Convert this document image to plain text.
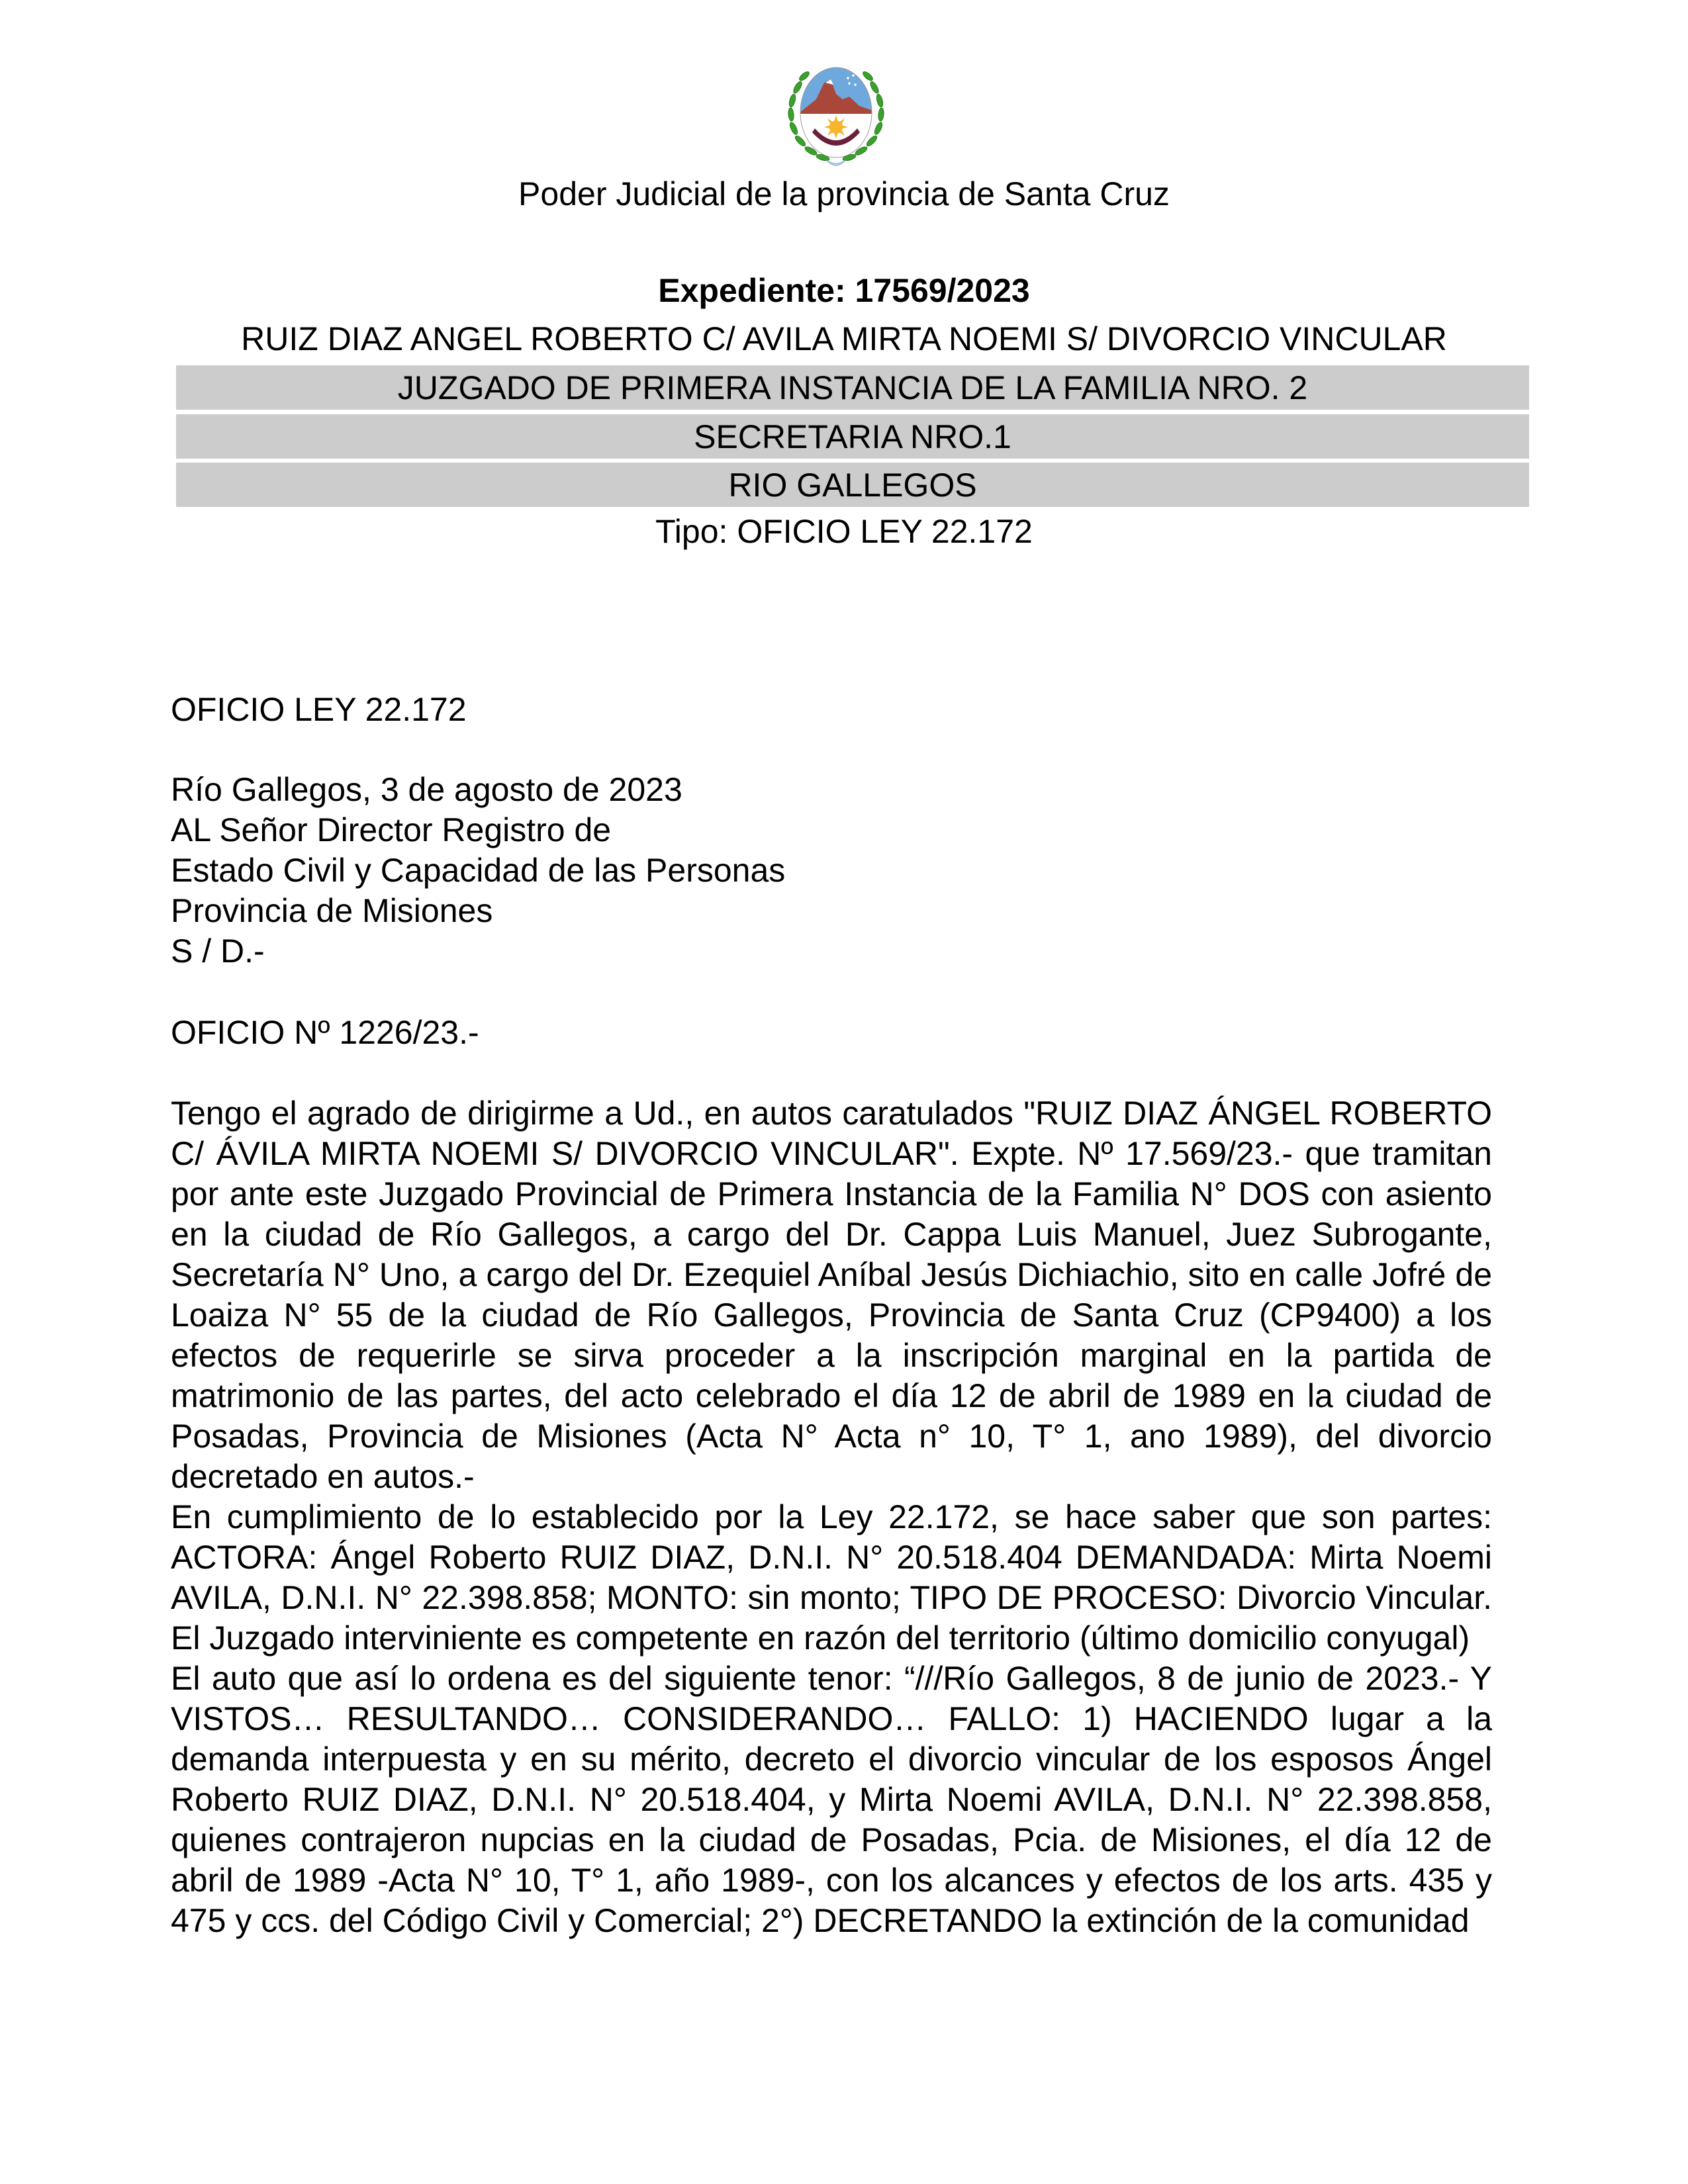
Poder Judicial de la provincia de Santa Cruz
Expediente: 17569/2023
RUIZ DIAZ ANGEL ROBERTO C/ AVILA MIRTA NOEMI S/ DIVORCIO VINCULAR
JUZGADO DE PRIMERA INSTANCIA DE LA FAMILIA NRO. 2
SECRETARIA NRO.1
RIO GALLEGOS
Tipo: OFICIO LEY 22.172
OFICIO LEY 22.172
Río Gallegos, 3 de agosto de 2023
AL Señor Director Registro de
Estado Civil y Capacidad de las Personas
Provincia de Misiones
S / D.-
OFICIO Nº 1226/23.-

Tengo el agrado de dirigirme a Ud., en autos caratulados "RUIZ DIAZ ÁNGEL ROBERTO C/ ÁVILA MIRTA NOEMI S/ DIVORCIO VINCULAR". Expte. Nº 17.569/23.- que tramitan por ante este Juzgado Provincial de Primera Instancia de la Familia N° DOS con asiento en la ciudad de Río Gallegos, a cargo del Dr. Cappa Luis Manuel, Juez Subrogante, Secretaría N° Uno, a cargo del Dr. Ezequiel Aníbal Jesús Dichiachio, sito en calle Jofré de Loaiza N° 55 de la ciudad de Río Gallegos, Provincia de Santa Cruz (CP9400) a los efectos de requerirle se sirva proceder a la inscripción marginal en la partida de matrimonio de las partes, del acto celebrado el día 12 de abril de 1989 en la ciudad de Posadas, Provincia de Misiones (Acta N° Acta n° 10, T° 1, ano 1989), del divorcio decretado en autos.-

En cumplimiento de lo establecido por la Ley 22.172, se hace saber que son partes: ACTORA: Ángel Roberto RUIZ DIAZ, D.N.I. N° 20.518.404 DEMANDADA: Mirta Noemi AVILA, D.N.I. N° 22.398.858; MONTO: sin monto; TIPO DE PROCESO: Divorcio Vincular. El Juzgado interviniente es competente en razón del territorio (último domicilio conyugal)

El auto que así lo ordena es del siguiente tenor: “///Río Gallegos, 8 de junio de 2023.- Y VISTOS… RESULTANDO… CONSIDERANDO… FALLO: 1) HACIENDO lugar a la demanda interpuesta y en su mérito, decreto el divorcio vincular de los esposos Ángel Roberto RUIZ DIAZ, D.N.I. N° 20.518.404, y Mirta Noemi AVILA, D.N.I. N° 22.398.858, quienes contrajeron nupcias en la ciudad de Posadas, Pcia. de Misiones, el día 12 de abril de 1989 -Acta N° 10, T° 1, año 1989-, con los alcances y efectos de los arts. 435 y 475 y ccs. del Código Civil y Comercial; 2°) DECRETANDO la extinción de la comunidad
